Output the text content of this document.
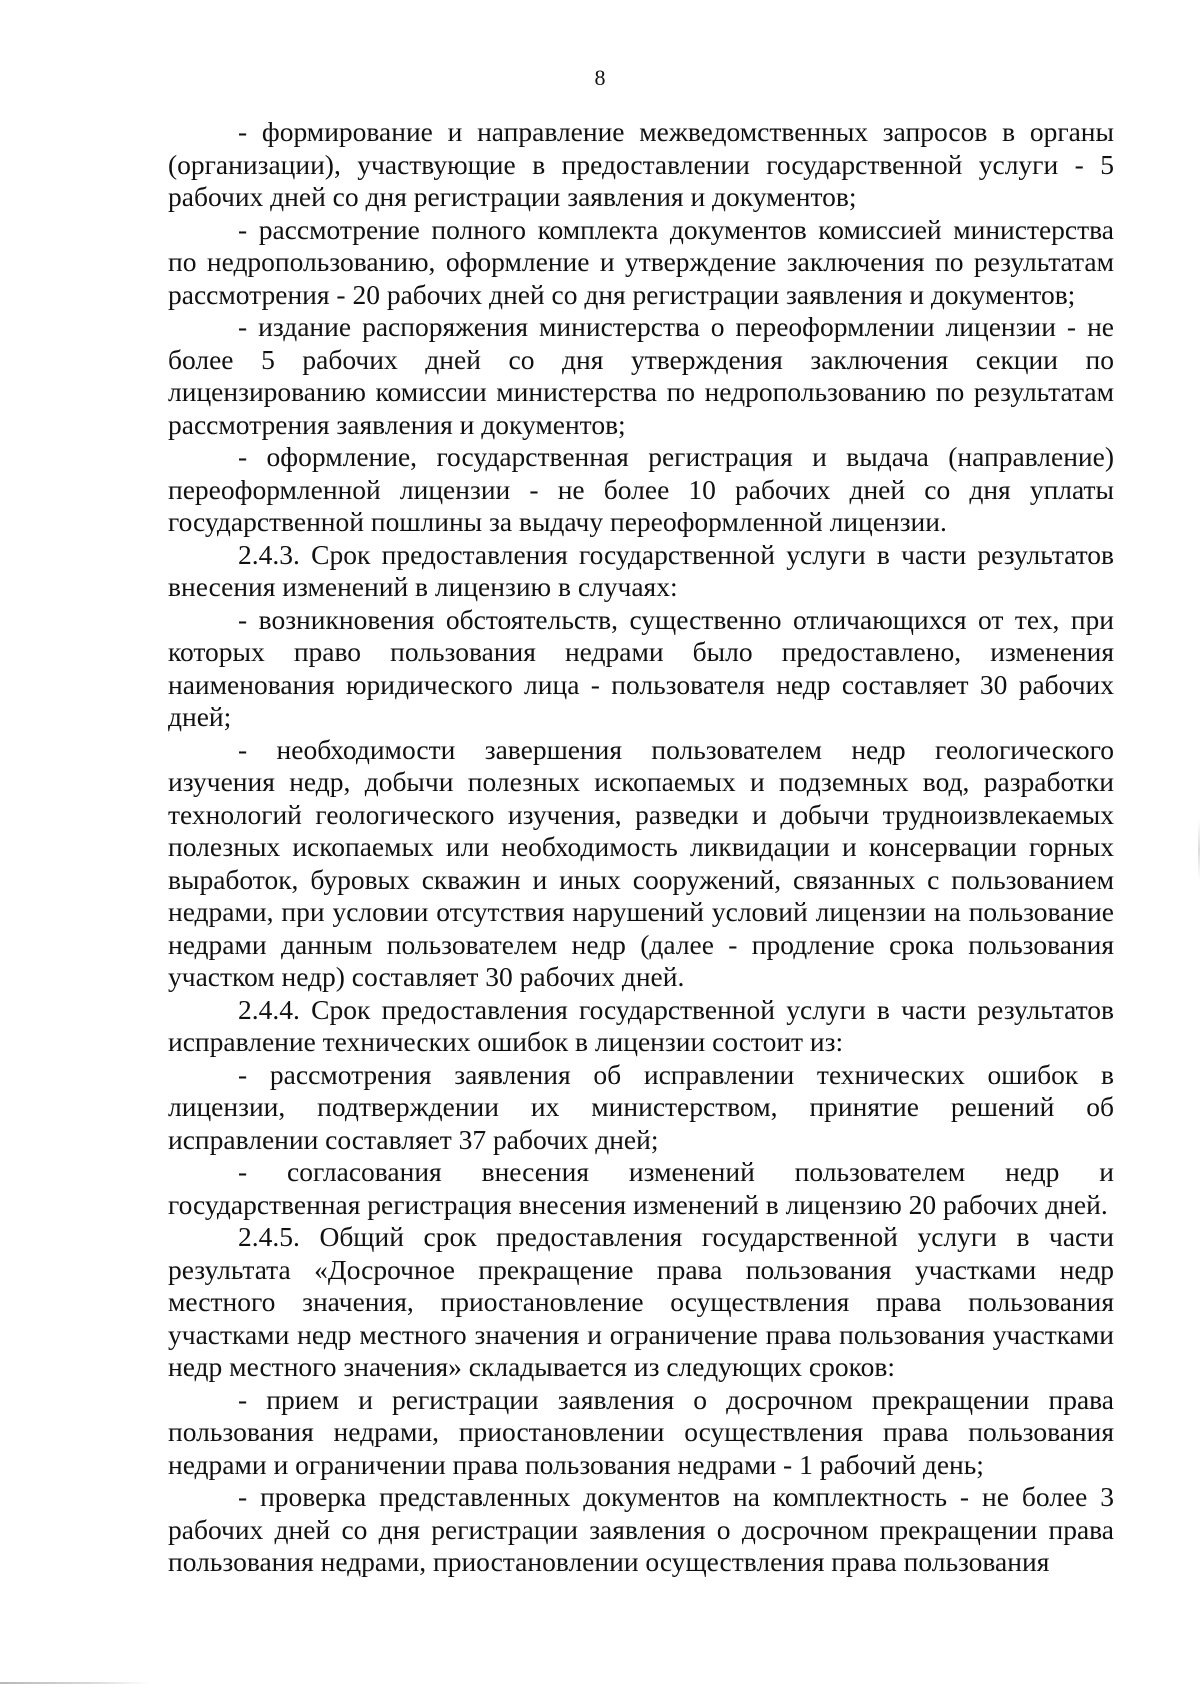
8

- формирование и направление межведомственных запросов в органы (организации), участвующие в предоставлении государственной услуги - 5 рабочих дней со дня регистрации заявления и документов;

- рассмотрение полного комплекта документов комиссией министерства по недропользованию, оформление и утверждение заключения по результатам рассмотрения - 20 рабочих дней со дня регистрации заявления и документов;

- издание распоряжения министерства о переоформлении лицензии - не более 5 рабочих дней со дня утверждения заключения секции по лицензированию комиссии министерства по недропользованию по результатам рассмотрения заявления и документов;

- оформление, государственная регистрация и выдача (направление) переоформленной лицензии - не более 10 рабочих дней со дня уплаты государственной пошлины за выдачу переоформленной лицензии.

2.4.3. Срок предоставления государственной услуги в части результатов внесения изменений в лицензию в случаях:

- возникновения обстоятельств, существенно отличающихся от тех, при которых право пользования недрами было предоставлено, изменения наименования юридического лица - пользователя недр составляет 30 рабочих дней;

- необходимости завершения пользователем недр геологического изучения недр, добычи полезных ископаемых и подземных вод, разработки технологий геологического изучения, разведки и добычи трудноизвлекаемых полезных ископаемых или необходимость ликвидации и консервации горных выработок, буровых скважин и иных сооружений, связанных с пользованием недрами, при условии отсутствия нарушений условий лицензии на пользование недрами данным пользователем недр (далее - продление срока пользования участком недр) составляет 30 рабочих дней.

2.4.4. Срок предоставления государственной услуги в части результатов исправление технических ошибок в лицензии состоит из:

- рассмотрения заявления об исправлении технических ошибок в лицензии, подтверждении их министерством, принятие решений об исправлении составляет 37 рабочих дней;

- согласования внесения изменений пользователем недр и государственная регистрация внесения изменений в лицензию 20 рабочих дней.

2.4.5. Общий срок предоставления государственной услуги в части результата «Досрочное прекращение права пользования участками недр местного значения, приостановление осуществления права пользования участками недр местного значения и ограничение права пользования участками недр местного значения» складывается из следующих сроков:

- прием и регистрации заявления о досрочном прекращении права пользования недрами, приостановлении осуществления права пользования недрами и ограничении права пользования недрами - 1 рабочий день;

- проверка представленных документов на комплектность - не более 3 рабочих дней со дня регистрации заявления о досрочном прекращении права пользования недрами, приостановлении осуществления права пользования
